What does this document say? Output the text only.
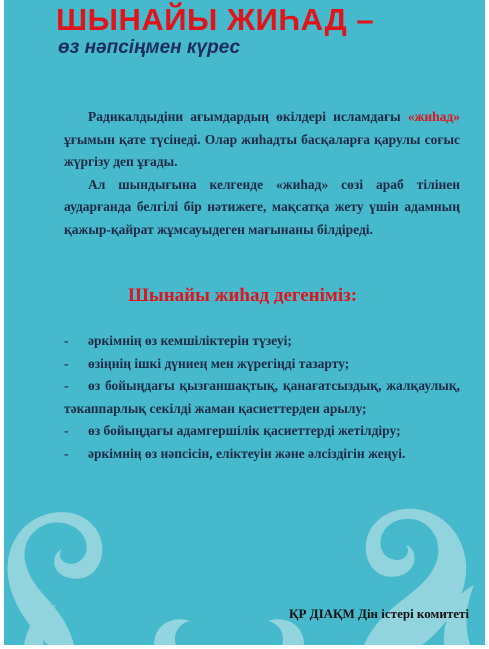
ШЫНАЙЫ ЖИҺАД –
өз нәпсіңмен күрес

Радикалдыдіни ағымдардың өкілдері исламдағы «жиһад» ұғымын қате түсінеді. Олар жиһадты басқаларға қарулы соғыс жүргізу деп ұғады.

Ал шындығына келгенде «жиһад» сөзі араб тілінен аударғанда белгілі бір нәтижеге, мақсатқа жету үшін адамның қажыр-қайрат жұмсауыдеген мағынаны білдіреді.

Шынайы жиһад дегеніміз:
- әркімнің өз кемшіліктерін түзеуі;
- өзіңнің ішкі дүниең мен жүрегіңді тазарту;
- өз бойыңдағы қызғаншақтық, қанағатсыздық, жалқаулық, тәкаппарлық секілді жаман қасиеттерден арылу;
- өз бойыңдағы адамгершілік қасиеттерді жетілдіру;
- әркімнің өз нәпсісін, еліктеуін және әлсіздігін жеңуі.

ҚР ДІАҚМ Дін істері комитеті
